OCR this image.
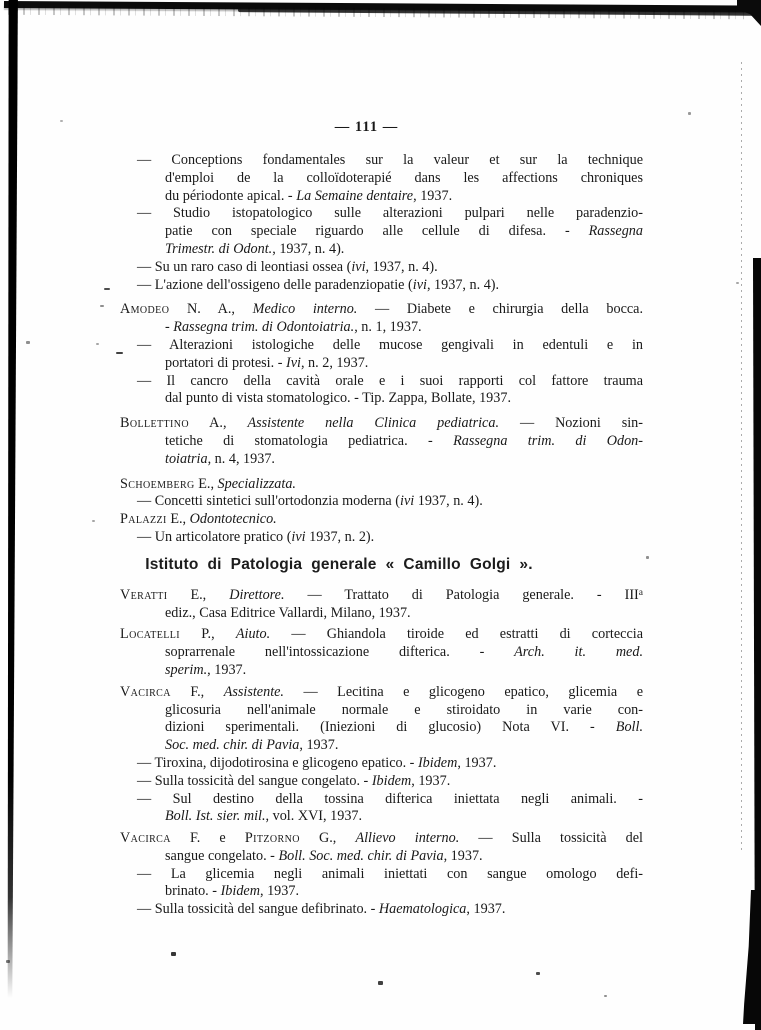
— 111 —
— Conceptions fondamentales sur la valeur et sur la technique
d'emploi de la colloïdoterapié dans les affections chroniques
du périodonte apical. - La Semaine dentaire, 1937.
— Studio istopatologico sulle alterazioni pulpari nelle paradenzio-
patie con speciale riguardo alle cellule di difesa. - Rassegna
Trimestr. di Odont., 1937, n. 4).
— Su un raro caso di leontiasi ossea (ivi, 1937, n. 4).
— L'azione dell'ossigeno delle paradenziopatie (ivi, 1937, n. 4).
Amodeo N. A., Medico interno. — Diabete e chirurgia della bocca.
- Rassegna trim. di Odontoiatria., n. 1, 1937.
— Alterazioni istologiche delle mucose gengivali in edentuli e in
portatori di protesi. - Ivi, n. 2, 1937.
— Il cancro della cavità orale e i suoi rapporti col fattore trauma
dal punto di vista stomatologico. - Tip. Zappa, Bollate, 1937.
Bollettino A., Assistente nella Clinica pediatrica. — Nozioni sin-
tetiche di stomatologia pediatrica. - Rassegna trim. di Odon-
toiatria, n. 4, 1937.
Schoemberg E., Specializzata.
— Concetti sintetici sull'ortodonzia moderna (ivi 1937, n. 4).
Palazzi E., Odontotecnico.
— Un articolatore pratico (ivi 1937, n. 2).
Istituto di Patologia generale « Camillo Golgi ».
Veratti E., Direttore. — Trattato di Patologia generale. - III$^a$
ediz., Casa Editrice Vallardi, Milano, 1937.
Locatelli P., Aiuto. — Ghiandola tiroide ed estratti di corteccia
soprarrenale nell'intossicazione difterica. - Arch. it. med.
sperim., 1937.
Vacirca F., Assistente. — Lecitina e glicogeno epatico, glicemia e
glicosuria nell'animale normale e stiroidato in varie con-
dizioni sperimentali. (Iniezioni di glucosio) Nota VI. - Boll.
Soc. med. chir. di Pavia, 1937.
— Tiroxina, dijodotirosina e glicogeno epatico. - Ibidem, 1937.
— Sulla tossicità del sangue congelato. - Ibidem, 1937.
— Sul destino della tossina difterica iniettata negli animali. -
Boll. Ist. sier. mil., vol. XVI, 1937.
Vacirca F. e Pitzorno G., Allievo interno. — Sulla tossicità del
sangue congelato. - Boll. Soc. med. chir. di Pavia, 1937.
— La glicemia negli animali iniettati con sangue omologo defi-
brinato. - Ibidem, 1937.
— Sulla tossicità del sangue defibrinato. - Haematologica, 1937.
